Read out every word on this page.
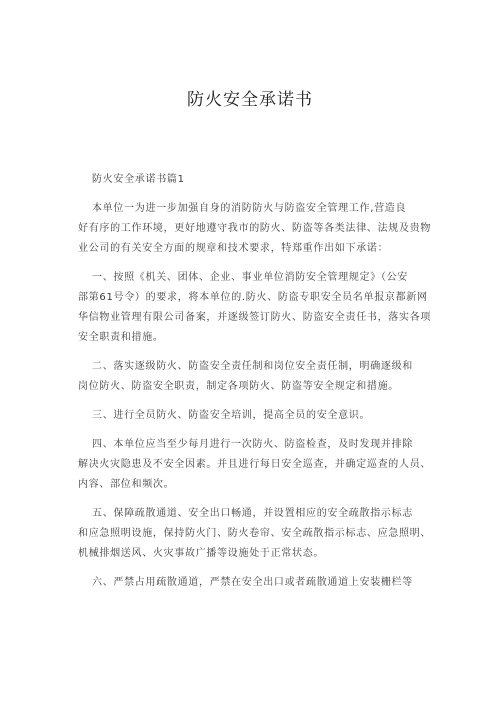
防火安全承诺书
防火安全承诺书篇1
本单位一为进一步加强自身的消防防火与防盗安全管理工作,营造良
好有序的工作环境，更好地遵守我市的防火、防盗等各类法律、法规及贵物
业公司的有关安全方面的规章和技术要求，特郑重作出如下承诺：
一、按照《机关、团体、企业、事业单位消防安全管理规定》（公安
部第61号令）的要求，将本单位的.防火、防盗专职安全员名单报京都新网
华信物业管理有限公司备案，并逐级签订防火、防盗安全责任书，落实各项
安全职责和措施。
二、落实逐级防火、防盗安全责任制和岗位安全责任制，明确逐级和
岗位防火、防盗安全职责，制定各项防火、防盗等安全规定和措施。
三、进行全员防火、防盗安全培训，提高全员的安全意识。
四、本单位应当至少每月进行一次防火、防盗检查，及时发现并排除
解决火灾隐患及不安全因素。并且进行每日安全巡查，并确定巡查的人员、
内容、部位和频次。
五、保障疏散通道、安全出口畅通，并设置相应的安全疏散指示标志
和应急照明设施，保持防火门、防火卷帘、安全疏散指示标志、应急照明、
机械排烟送风、火灾事故广播等设施处于正常状态。
六、严禁占用疏散通道，严禁在安全出口或者疏散通道上安装栅栏等
